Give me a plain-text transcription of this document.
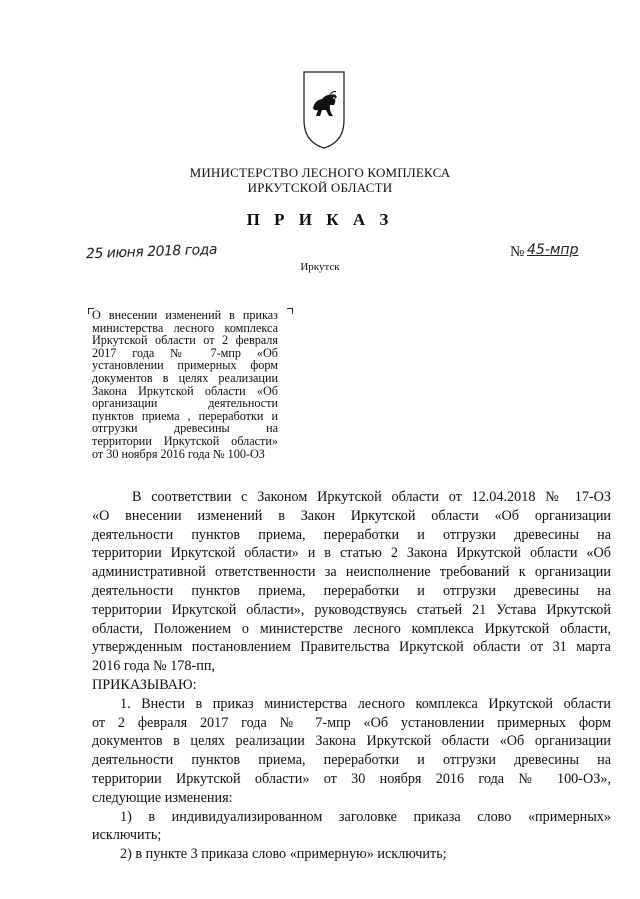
МИНИСТЕРСТВО ЛЕСНОГО КОМПЛЕКСА
ИРКУТСКОЙ ОБЛАСТИ
П Р И К А З
25 июня 2018 года	№ 45-мпр
Иркутск
О внесении изменений в приказ
министерства лесного комплекса
Иркутской области от 2 февраля
2017 года № 7-мпр «Об
установлении примерных форм
документов в целях реализации
Закона Иркутской области «Об
организации деятельности
пунктов приема , переработки и
отгрузки древесины на
территории Иркутской области»
от 30 ноября 2016 года № 100-ОЗ
В соответствии с Законом Иркутской области от 12.04.2018 № 17-ОЗ
«О внесении изменений в Закон Иркутской области «Об организации
деятельности пунктов приема, переработки и отгрузки древесины на
территории Иркутской области» и в статью 2 Закона Иркутской области «Об
административной ответственности за неисполнение требований к организации
деятельности пунктов приема, переработки и отгрузки древесины на
территории Иркутской области», руководствуясь статьей 21 Устава Иркутской
области, Положением о министерстве лесного комплекса Иркутской области,
утвержденным постановлением Правительства Иркутской области от 31 марта
2016 года № 178-пп,
ПРИКАЗЫВАЮ:
1. Внести в приказ министерства лесного комплекса Иркутской области
от 2 февраля 2017 года № 7-мпр «Об установлении примерных форм
документов в целях реализации Закона Иркутской области «Об организации
деятельности пунктов приема, переработки и отгрузки древесины на
территории Иркутской области» от 30 ноября 2016 года № 100-ОЗ»,
следующие изменения:
1) в индивидуализированном заголовке приказа слово «примерных»
исключить;
2) в пункте 3 приказа слово «примерную» исключить;
